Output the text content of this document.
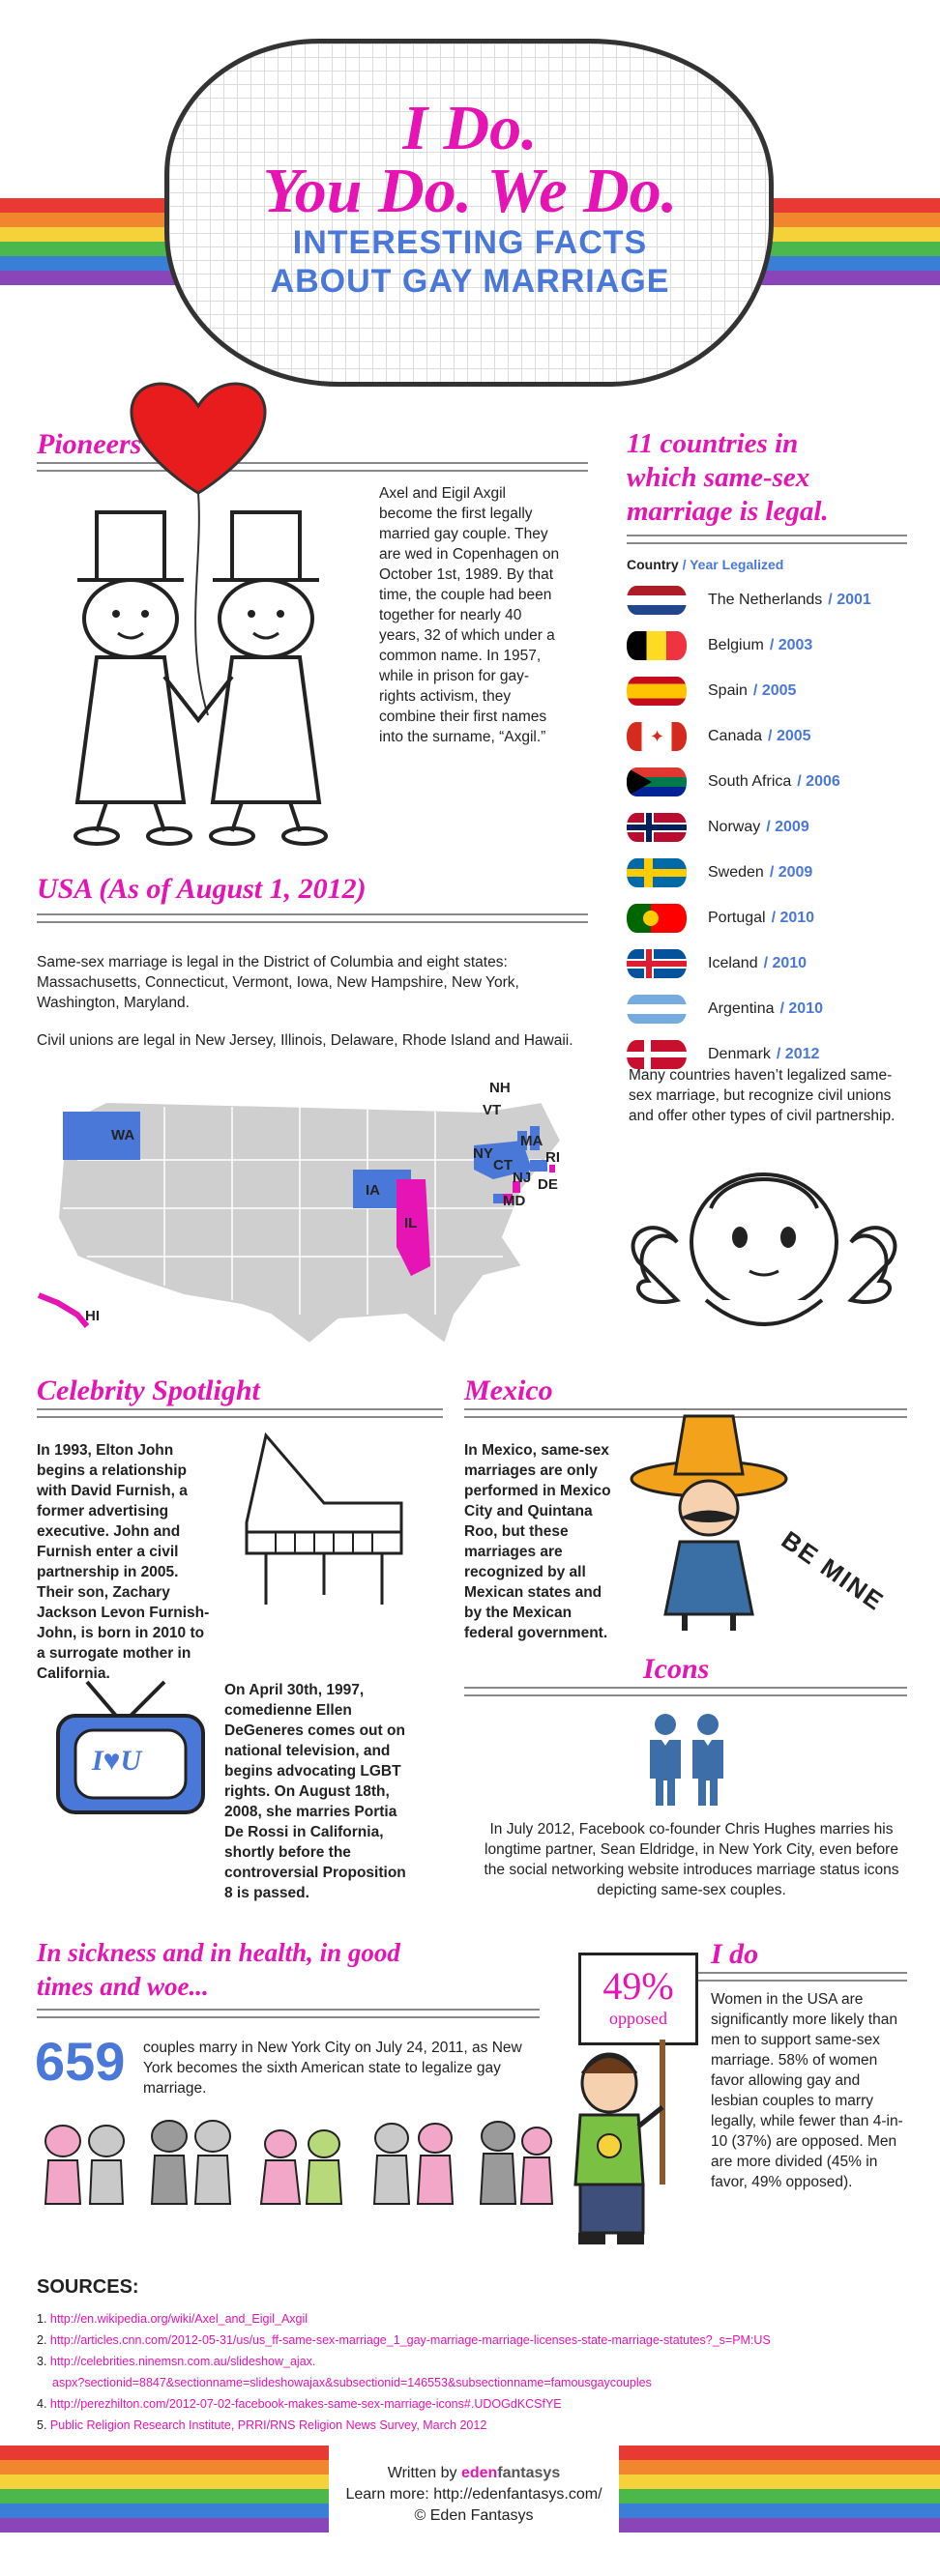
I Do.
You Do. We Do.
INTERESTING FACTS
ABOUT GAY MARRIAGE
Pioneers
Axel and Eigil Axgil become the first legally married gay couple. They are wed in Copenhagen on October 1st, 1989. By that time, the couple had been together for nearly 40 years, 32 of which under a common name. In 1957, while in prison for gay-rights activism, they combine their first names into the surname, “Axgil.”
11 countries in
which same-sex
marriage is legal.
Country / Year Legalized
The Netherlands / 2001
Belgium / 2003
Spain / 2005
✦	Canada / 2005
South Africa / 2006
Norway / 2009
Sweden / 2009
Portugal / 2010
Iceland / 2010
Argentina / 2010
Denmark / 2012
Many countries haven’t legalized same-sex marriage, but recognize civil unions and offer other types of civil partnership.
USA (As of August 1, 2012)
Same-sex marriage is legal in the District of Columbia and eight states: Massachusetts, Connecticut, Vermont, Iowa, New Hampshire, New York, Washington, Maryland.
Civil unions are legal in New Jersey, Illinois, Delaware, Rhode Island and Hawaii.
WA
IA
IL
HI
NH
VT
MA
NY
CT RI
NJ DE
MD
Celebrity Spotlight
In 1993, Elton John begins a relationship with David Furnish, a former advertising executive. John and Furnish enter a civil partnership in 2005. Their son, Zachary Jackson Levon Furnish-John, is born in 2010 to a surrogate mother in California.
I♥U
On April 30th, 1997, comedienne Ellen DeGeneres comes out on national television, and begins advocating LGBT rights. On August 18th, 2008, she marries Portia De Rossi in California, shortly before the controversial Proposition 8 is passed.
Mexico
In Mexico, same-sex marriages are only performed in Mexico City and Quintana Roo, but these marriages are recognized by all Mexican states and by the Mexican federal government.
BE MINE
Icons
In July 2012, Facebook co-founder Chris Hughes marries his longtime partner, Sean Eldridge, in New York City, even before the social networking website introduces marriage status icons depicting same-sex couples.
In sickness and in health, in good
times and woe...
659 couples marry in New York City on July 24, 2011, as New York becomes the sixth American state to legalize gay marriage.
I do
49%
opposed
Women in the USA are significantly more likely than men to support same-sex marriage. 58% of women favor allowing gay and lesbian couples to marry legally, while fewer than 4-in-10 (37%) are opposed. Men are more divided (45% in favor, 49% opposed).
SOURCES:
1. http://en.wikipedia.org/wiki/Axel_and_Eigil_Axgil
2. http://articles.cnn.com/2012-05-31/us/us_ff-same-sex-marriage_1_gay-marriage-marriage-licenses-state-marriage-statutes?_s=PM:US
3. http://celebrities.ninemsn.com.au/slideshow_ajax.
aspx?sectionid=8847&sectionname=slideshowajax&subsectionid=146553&subsectionname=famousgaycouples
4. http://perezhilton.com/2012-07-02-facebook-makes-same-sex-marriage-icons#.UDOGdKCSfYE
5. Public Religion Research Institute, PRRI/RNS Religion News Survey, March 2012
Written by edenfantasys
Learn more: http://edenfantasys.com/
© Eden Fantasys
